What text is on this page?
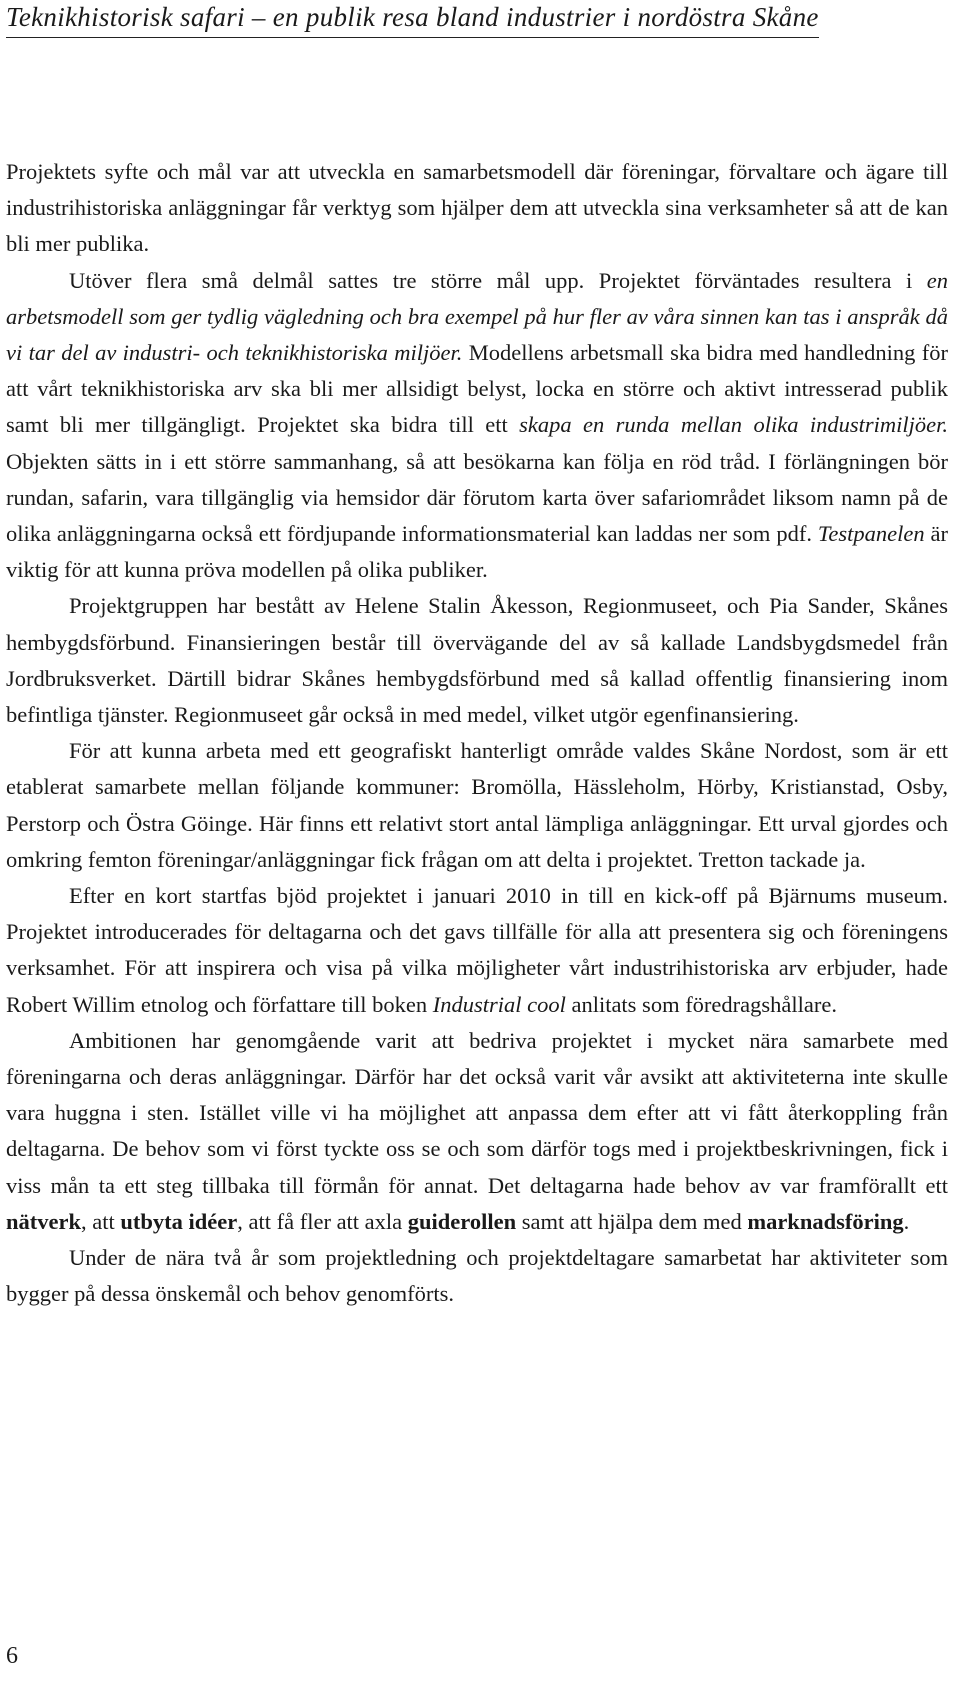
Teknikhistorisk safari – en publik resa bland industrier i nordöstra Skåne

Projektets syfte och mål var att utveckla en samarbetsmodell där föreningar, förvaltare och ägare till industrihistoriska anläggningar får verktyg som hjälper dem att utveckla sina verksamheter så att de kan bli mer publika.

Utöver flera små delmål sattes tre större mål upp. Projektet förväntades resultera i en arbetsmodell som ger tydlig vägledning och bra exempel på hur fler av våra sinnen kan tas i anspråk då vi tar del av industri- och teknikhistoriska miljöer. Modellens arbetsmall ska bidra med handledning för att vårt teknikhistoriska arv ska bli mer allsidigt belyst, locka en större och aktivt intresserad publik samt bli mer tillgängligt. Projektet ska bidra till ett skapa en runda mellan olika industrimiljöer. Objekten sätts in i ett större sammanhang, så att besökarna kan följa en röd tråd. I förlängningen bör rundan, safarin, vara tillgänglig via hemsidor där förutom karta över safariområdet liksom namn på de olika anläggningarna också ett fördjupande informationsmaterial kan laddas ner som pdf. Testpanelen är viktig för att kunna pröva modellen på olika publiker.

Projektgruppen har bestått av Helene Stalin Åkesson, Regionmuseet, och Pia Sander, Skånes hembygdsförbund. Finansieringen består till övervägande del av så kallade Landsbygdsmedel från Jordbruksverket. Därtill bidrar Skånes hembygdsförbund med så kallad offentlig finansiering inom befintliga tjänster. Regionmuseet går också in med medel, vilket utgör egenfinansiering.

För att kunna arbeta med ett geografiskt hanterligt område valdes Skåne Nordost, som är ett etablerat samarbete mellan följande kommuner: Bromölla, Hässleholm, Hörby, Kristianstad, Osby, Perstorp och Östra Göinge. Här finns ett relativt stort antal lämpliga anläggningar. Ett urval gjordes och omkring femton föreningar/anläggningar fick frågan om att delta i projektet. Tretton tackade ja.

Efter en kort startfas bjöd projektet i januari 2010 in till en kick-off på Bjärnums museum. Projektet introducerades för deltagarna och det gavs tillfälle för alla att presentera sig och föreningens verksamhet. För att inspirera och visa på vilka möjligheter vårt industrihistoriska arv erbjuder, hade Robert Willim etnolog och författare till boken Industrial cool anlitats som föredragshållare.

Ambitionen har genomgående varit att bedriva projektet i mycket nära samarbete med föreningarna och deras anläggningar. Därför har det också varit vår avsikt att aktiviteterna inte skulle vara huggna i sten. Istället ville vi ha möjlighet att anpassa dem efter att vi fått återkoppling från deltagarna. De behov som vi först tyckte oss se och som därför togs med i projektbeskrivningen, fick i viss mån ta ett steg tillbaka till förmån för annat. Det deltagarna hade behov av var framförallt ett nätverk, att utbyta idéer, att få fler att axla guiderollen samt att hjälpa dem med marknadsföring.

Under de nära två år som projektledning och projektdeltagare samarbetat har aktiviteter som bygger på dessa önskemål och behov genomförts.

6
